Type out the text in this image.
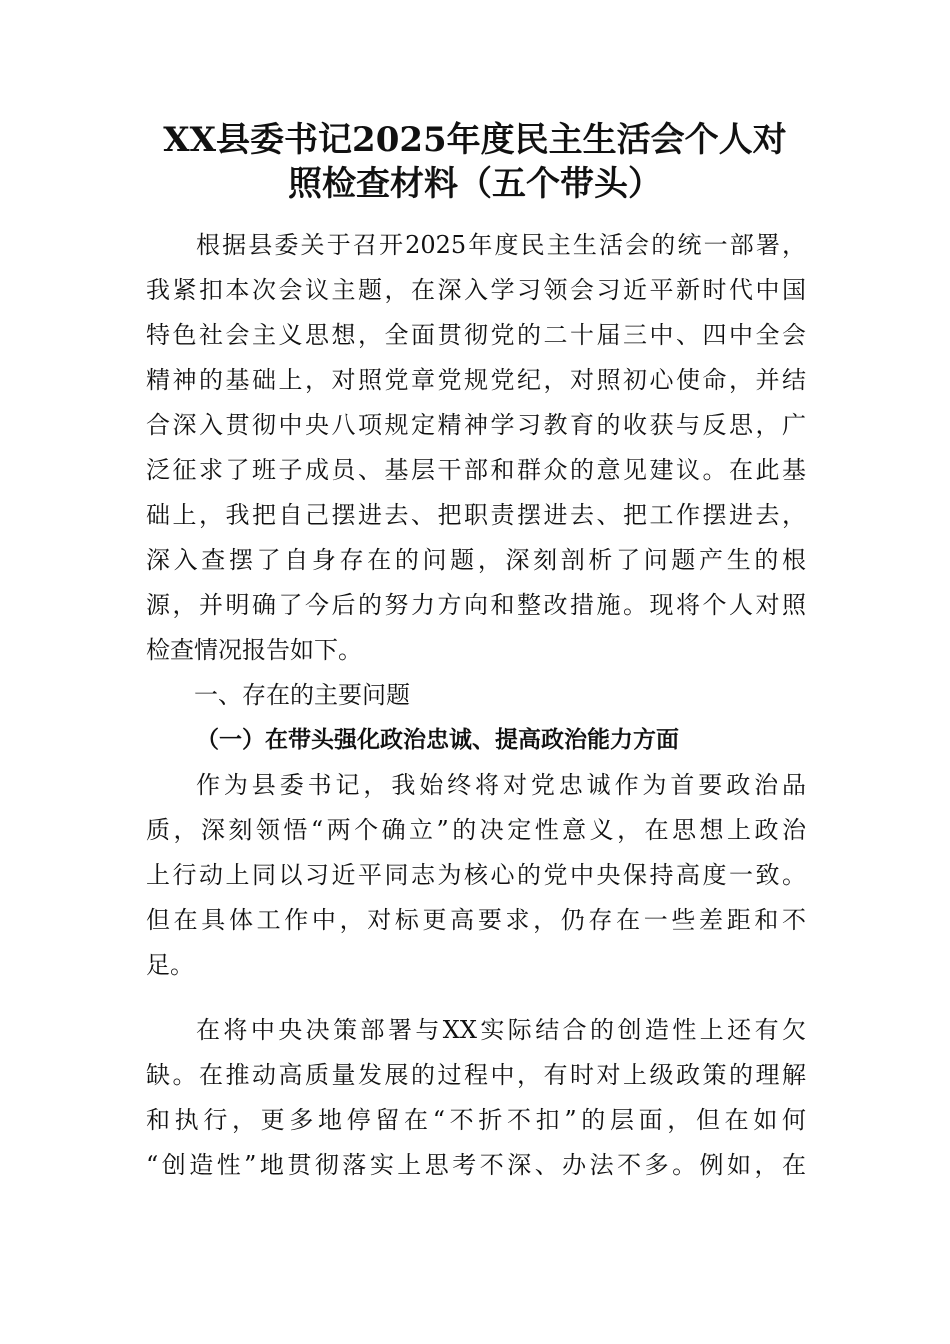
XX县委书记2025年度民主生活会个人对
照检查材料（五个带头）

根据县委关于召开2025年度民主生活会的统一部署，

我紧扣本次会议主题，在深入学习领会习近平新时代中国

特色社会主义思想，全面贯彻党的二十届三中、四中全会

精神的基础上，对照党章党规党纪，对照初心使命，并结

合深入贯彻中央八项规定精神学习教育的收获与反思，广

泛征求了班子成员、基层干部和群众的意见建议。在此基

础上，我把自己摆进去、把职责摆进去、把工作摆进去，

深入查摆了自身存在的问题，深刻剖析了问题产生的根

源，并明确了今后的努力方向和整改措施。现将个人对照

检查情况报告如下。

一、存在的主要问题

（一）在带头强化政治忠诚、提高政治能力方面

作为县委书记，我始终将对党忠诚作为首要政治品

质，深刻领悟“两个确立”的决定性意义，在思想上政治

上行动上同以习近平同志为核心的党中央保持高度一致。

但在具体工作中，对标更高要求，仍存在一些差距和不

足。

在将中央决策部署与XX实际结合的创造性上还有欠

缺。在推动高质量发展的过程中，有时对上级政策的理解

和执行，更多地停留在“不折不扣”的层面，但在如何

“创造性”地贯彻落实上思考不深、办法不多。例如，在
